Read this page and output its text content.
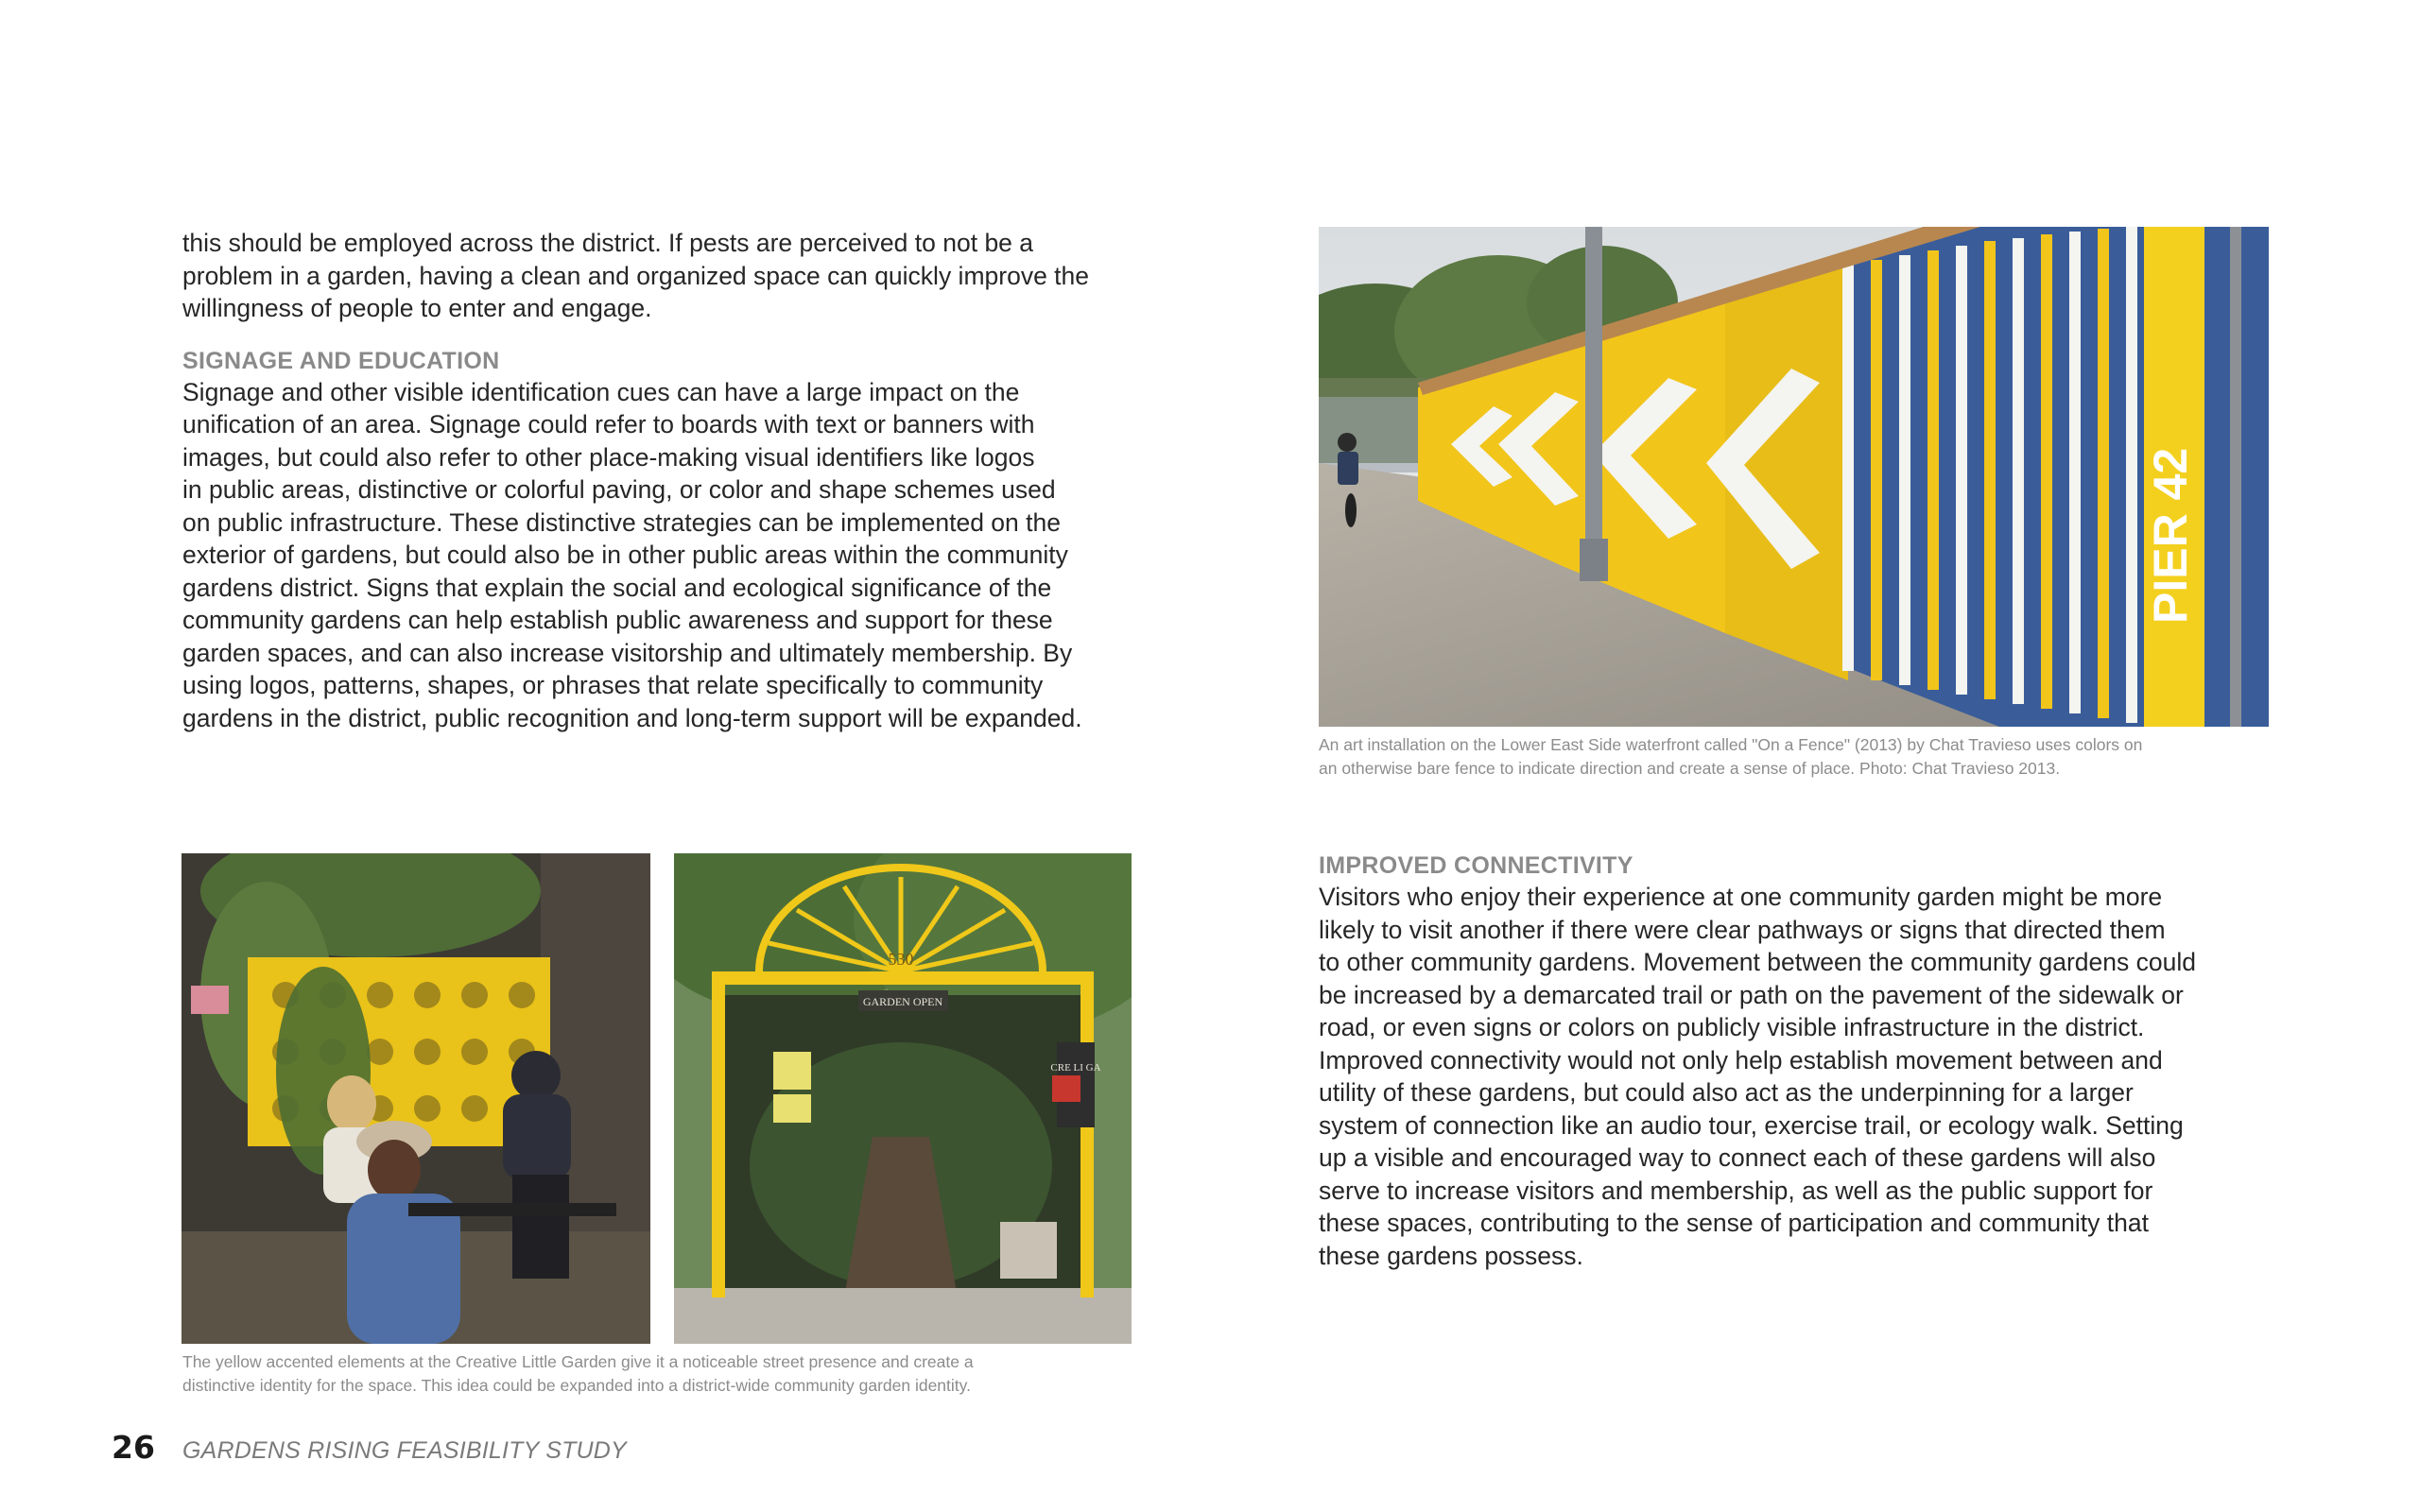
this should be employed across the district. If pests are perceived to not be a

problem in a garden, having a clean and organized space can quickly improve the

willingness of people to enter and engage.

SIGNAGE AND EDUCATION

Signage and other visible identification cues can have a large impact on the

unification of an area. Signage could refer to boards with text or banners with

images, but could also refer to other place-making visual identifiers like logos

in public areas, distinctive or colorful paving, or color and shape schemes used

on public infrastructure. These distinctive strategies can be implemented on the

exterior of gardens, but could also be in other public areas within the community

gardens district. Signs that explain the social and ecological significance of the

community gardens can help establish public awareness and support for these

garden spaces, and can also increase visitorship and ultimately membership. By

using logos, patterns, shapes, or phrases that relate specifically to community

gardens in the district, public recognition and long-term support will be expanded.

PIER 42

An art installation on the Lower East Side waterfront called "On a Fence" (2013) by Chat Travieso uses colors on

an otherwise bare fence to indicate direction and create a sense of place. Photo: Chat Travieso 2013.

530
GARDEN OPEN
CRE LI GA

The yellow accented elements at the Creative Little Garden give it a noticeable street presence and create a

distinctive identity for the space. This idea could be expanded into a district-wide community garden identity.

IMPROVED CONNECTIVITY

Visitors who enjoy their experience at one community garden might be more

likely to visit another if there were clear pathways or signs that directed them

to other community gardens. Movement between the community gardens could

be increased by a demarcated trail or path on the pavement of the sidewalk or

road, or even signs or colors on publicly visible infrastructure in the district.

Improved connectivity would not only help establish movement between and

utility of these gardens, but could also act as the underpinning for a larger

system of connection like an audio tour, exercise trail, or ecology walk. Setting

up a visible and encouraged way to connect each of these gardens will also

serve to increase visitors and membership, as well as the public support for

these spaces, contributing to the sense of participation and community that

these gardens possess.

26	GARDENS RISING FEASIBILITY STUDY
